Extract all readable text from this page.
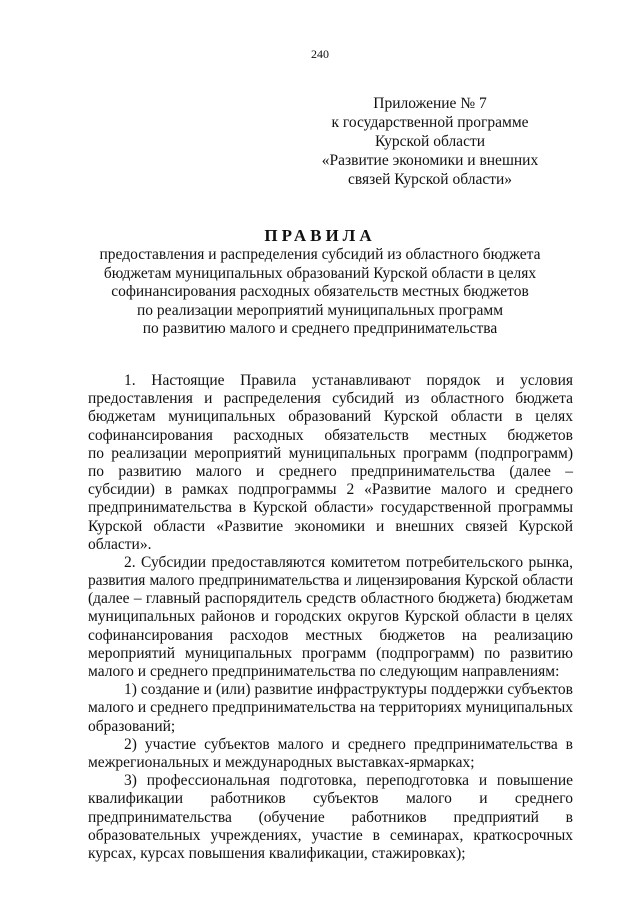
240
Приложение № 7
к государственной программе
Курской области
«Развитие экономики и внешних
связей Курской области»
ПРАВИЛА
предоставления и распределения субсидий из областного бюджета
бюджетам муниципальных образований Курской области в целях
софинансирования расходных обязательств местных бюджетов
по реализации мероприятий муниципальных программ
по развитию малого и среднего предпринимательства
1. Настоящие Правила устанавливают порядок и условия
предоставления и распределения субсидий из областного бюджета
бюджетам муниципальных образований Курской области в целях
софинансирования расходных обязательств местных бюджетов
по реализации мероприятий муниципальных программ (подпрограмм)
по развитию малого и среднего предпринимательства (далее –
субсидии) в рамках подпрограммы 2 «Развитие малого и среднего
предпринимательства в Курской области» государственной программы
Курской области «Развитие экономики и внешних связей Курской
области».
2. Субсидии предоставляются комитетом потребительского рынка,
развития малого предпринимательства и лицензирования Курской области
(далее – главный распорядитель средств областного бюджета) бюджетам
муниципальных районов и городских округов Курской области в целях
софинансирования расходов местных бюджетов на реализацию
мероприятий муниципальных программ (подпрограмм) по развитию
малого и среднего предпринимательства по следующим направлениям:
1) создание и (или) развитие инфраструктуры поддержки субъектов
малого и среднего предпринимательства на территориях муниципальных
образований;
2) участие субъектов малого и среднего предпринимательства в
межрегиональных и международных выставках-ярмарках;
3) профессиональная подготовка, переподготовка и повышение
квалификации работников субъектов малого и среднего
предпринимательства (обучение работников предприятий в
образовательных учреждениях, участие в семинарах, краткосрочных
курсах, курсах повышения квалификации, стажировках);
